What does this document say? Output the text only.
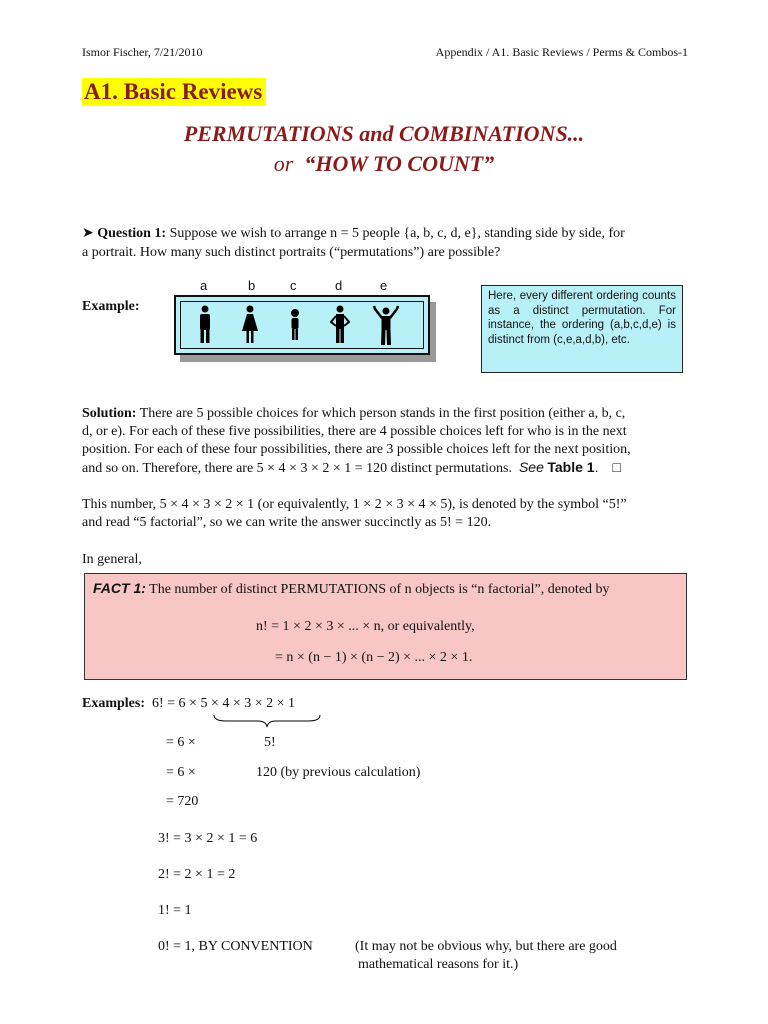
Ismor Fischer, 7/21/2010	Appendix / A1. Basic Reviews / Perms & Combos-1
A1. Basic Reviews
PERMUTATIONS and COMBINATIONS...
or “HOW TO COUNT”
➤ Question 1: Suppose we wish to arrange n = 5 people {a, b, c, d, e}, standing side by side, for
a portrait. How many such distinct portraits (“permutations”) are possible?
Example:
a	b	c	d	e
Here, every different ordering counts as a distinct permutation. For instance, the ordering (a,b,c,d,e) is distinct from (c,e,a,d,b), etc.
Solution: There are 5 possible choices for which person stands in the first position (either a, b, c,
d, or e). For each of these five possibilities, there are 4 possible choices left for who is in the next
position. For each of these four possibilities, there are 3 possible choices left for the next position,
and so on. Therefore, there are 5 × 4 × 3 × 2 × 1 = 120 distinct permutations. See Table 1. □
This number, 5 × 4 × 3 × 2 × 1 (or equivalently, 1 × 2 × 3 × 4 × 5), is denoted by the symbol “5!”
and read “5 factorial”, so we can write the answer succinctly as 5! = 120.
In general,
FACT 1: The number of distinct PERMUTATIONS of n objects is “n factorial”, denoted by
n! = 1 × 2 × 3 × ... × n, or equivalently,
= n × (n − 1) × (n − 2) × ... × 2 × 1.
Examples: 6! = 6 × 5 × 4 × 3 × 2 × 1
= 6 ×	5!
= 6 ×	120 (by previous calculation)
= 720
3! = 3 × 2 × 1 = 6
2! = 2 × 1 = 2
1! = 1
0! = 1, BY CONVENTION	(It may not be obvious why, but there are good
mathematical reasons for it.)
